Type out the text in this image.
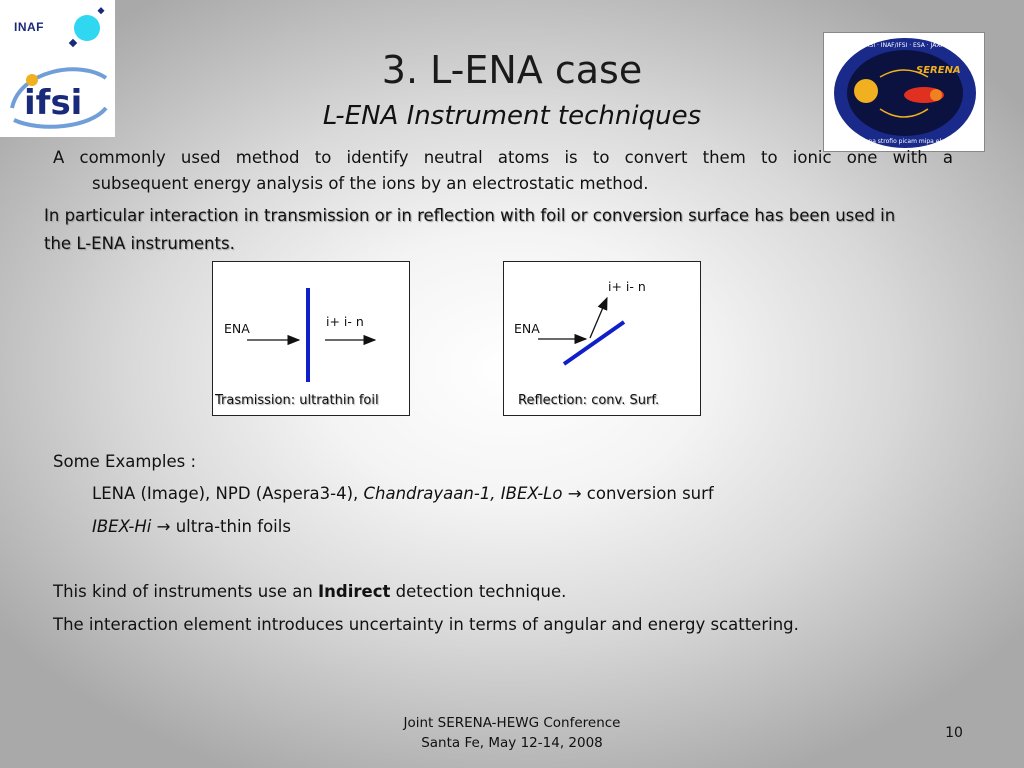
INAF
ifsi
SERENA
ASI · INAF/IFSI · ESA · JAXA
oliena strofio picam mipa elena
3. L-ENA case
L-ENA Instrument techniques
A commonly used method to identify neutral atoms is to convert them to ionic one with a
subsequent energy analysis of the ions by an electrostatic method.
In particular interaction in transmission or in reflection with foil or conversion surface has been used in the L-ENA instruments.
ENA	i+ i- n
Trasmission: ultrathin foil
ENA
i+ i- n
Reflection: conv. Surf.
Some Examples :
LENA (Image), NPD (Aspera3-4), Chandrayaan-1, IBEX-Lo → conversion surf
IBEX-Hi → ultra-thin foils
This kind of instruments use an Indirect detection technique.
The interaction element introduces uncertainty in terms of angular and energy scattering.
Joint SERENA-HEWG Conference
Santa Fe, May 12-14, 2008
10
